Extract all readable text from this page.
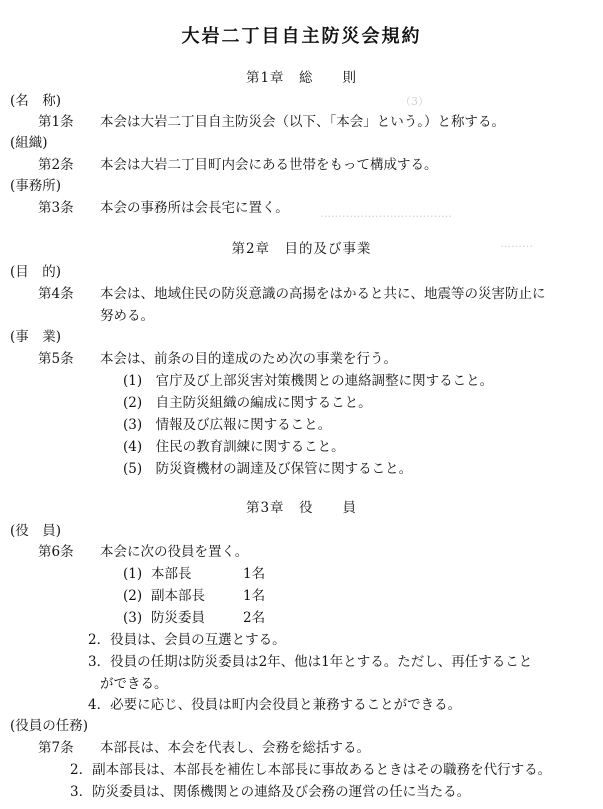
大岩二丁目自主防災会規約
（3）
………………………………
………
第1章　総　　則
(名　称)
第1条 本会は大岩二丁目自主防災会（以下、「本会」という。）と称する。
(組織)
第2条 本会は大岩二丁目町内会にある世帯をもって構成する。
(事務所)
第3条 本会の事務所は会長宅に置く。
第2章　目的及び事業
(目　的)
第4条 本会は、地域住民の防災意識の高揚をはかると共に、地震等の災害防止に
努める。
(事　業)
第5条 本会は、前条の目的達成のため次の事業を行う。
(1)　官庁及び上部災害対策機関との連絡調整に関すること。
(2)　自主防災組織の編成に関すること。
(3)　情報及び広報に関すること。
(4)　住民の教育訓練に関すること。
(5)　防災資機材の調達及び保管に関すること。
第3章　役　　員
(役　員)
第6条 本会に次の役員を置く。
(1) 本部長	1名
(2) 副本部長	1名
(3) 防災委員	2名
2．役員は、会員の互選とする。
3．役員の任期は防災委員は2年、他は1年とする。ただし、再任すること
ができる。
4．必要に応じ、役員は町内会役員と兼務することができる。
(役員の任務)
第7条 本部長は、本会を代表し、会務を総括する。
2．副本部長は、本部長を補佐し本部長に事故あるときはその職務を代行する。
3．防災委員は、関係機関との連絡及び会務の運営の任に当たる。
